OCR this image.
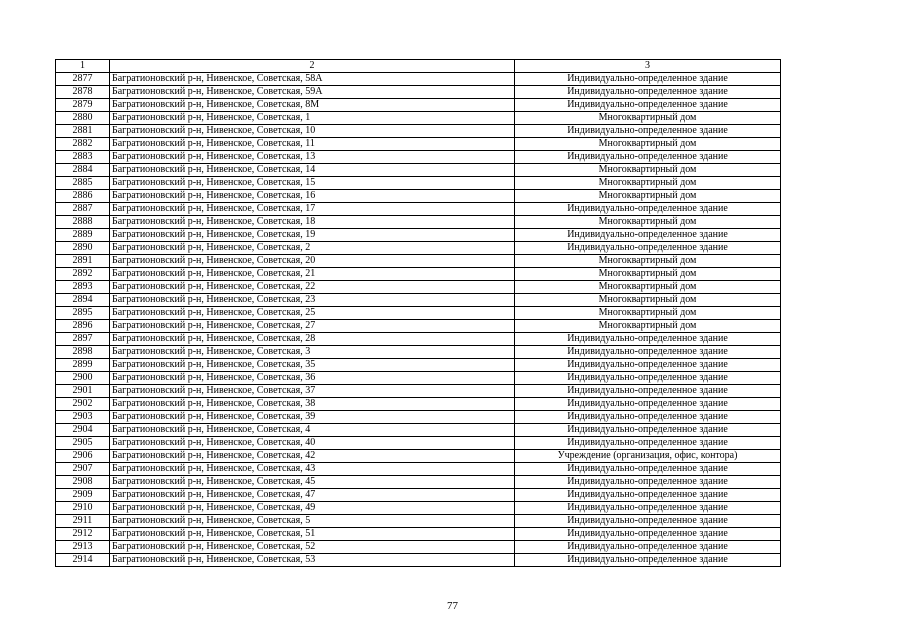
1	2	3
2877	Багратионовский р-н, Нивенское, Советская, 58А	Индивидуально-определенное здание
2878	Багратионовский р-н, Нивенское, Советская, 59А	Индивидуально-определенное здание
2879	Багратионовский р-н, Нивенское, Советская, 8М	Индивидуально-определенное здание
2880	Багратионовский р-н, Нивенское, Советская, 1	Многоквартирный дом
2881	Багратионовский р-н, Нивенское, Советская, 10	Индивидуально-определенное здание
2882	Багратионовский р-н, Нивенское, Советская, 11	Многоквартирный дом
2883	Багратионовский р-н, Нивенское, Советская, 13	Индивидуально-определенное здание
2884	Багратионовский р-н, Нивенское, Советская, 14	Многоквартирный дом
2885	Багратионовский р-н, Нивенское, Советская, 15	Многоквартирный дом
2886	Багратионовский р-н, Нивенское, Советская, 16	Многоквартирный дом
2887	Багратионовский р-н, Нивенское, Советская, 17	Индивидуально-определенное здание
2888	Багратионовский р-н, Нивенское, Советская, 18	Многоквартирный дом
2889	Багратионовский р-н, Нивенское, Советская, 19	Индивидуально-определенное здание
2890	Багратионовский р-н, Нивенское, Советская, 2	Индивидуально-определенное здание
2891	Багратионовский р-н, Нивенское, Советская, 20	Многоквартирный дом
2892	Багратионовский р-н, Нивенское, Советская, 21	Многоквартирный дом
2893	Багратионовский р-н, Нивенское, Советская, 22	Многоквартирный дом
2894	Багратионовский р-н, Нивенское, Советская, 23	Многоквартирный дом
2895	Багратионовский р-н, Нивенское, Советская, 25	Многоквартирный дом
2896	Багратионовский р-н, Нивенское, Советская, 27	Многоквартирный дом
2897	Багратионовский р-н, Нивенское, Советская, 28	Индивидуально-определенное здание
2898	Багратионовский р-н, Нивенское, Советская, 3	Индивидуально-определенное здание
2899	Багратионовский р-н, Нивенское, Советская, 35	Индивидуально-определенное здание
2900	Багратионовский р-н, Нивенское, Советская, 36	Индивидуально-определенное здание
2901	Багратионовский р-н, Нивенское, Советская, 37	Индивидуально-определенное здание
2902	Багратионовский р-н, Нивенское, Советская, 38	Индивидуально-определенное здание
2903	Багратионовский р-н, Нивенское, Советская, 39	Индивидуально-определенное здание
2904	Багратионовский р-н, Нивенское, Советская, 4	Индивидуально-определенное здание
2905	Багратионовский р-н, Нивенское, Советская, 40	Индивидуально-определенное здание
2906	Багратионовский р-н, Нивенское, Советская, 42	Учреждение (организация, офис, контора)
2907	Багратионовский р-н, Нивенское, Советская, 43	Индивидуально-определенное здание
2908	Багратионовский р-н, Нивенское, Советская, 45	Индивидуально-определенное здание
2909	Багратионовский р-н, Нивенское, Советская, 47	Индивидуально-определенное здание
2910	Багратионовский р-н, Нивенское, Советская, 49	Индивидуально-определенное здание
2911	Багратионовский р-н, Нивенское, Советская, 5	Индивидуально-определенное здание
2912	Багратионовский р-н, Нивенское, Советская, 51	Индивидуально-определенное здание
2913	Багратионовский р-н, Нивенское, Советская, 52	Индивидуально-определенное здание
2914	Багратионовский р-н, Нивенское, Советская, 53	Индивидуально-определенное здание
77
